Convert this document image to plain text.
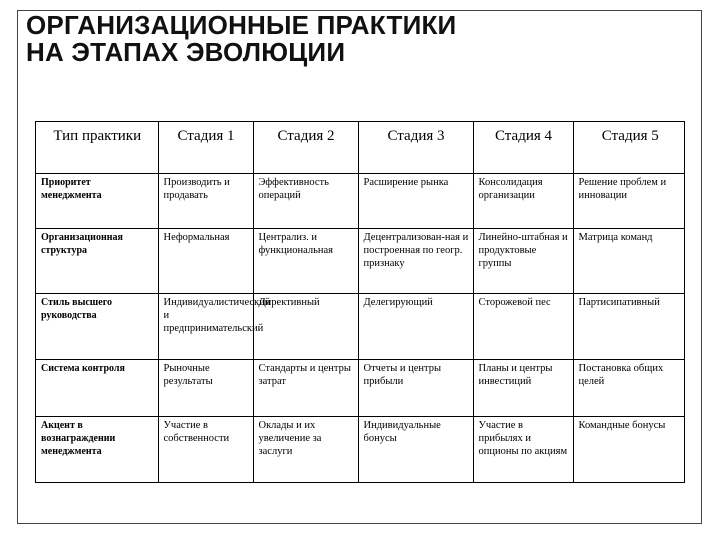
ОРГАНИЗАЦИОННЫЕ ПРАКТИКИ
НА ЭТАПАХ ЭВОЛЮЦИИ
Тип практики	Стадия 1	Стадия 2	Стадия 3	Стадия 4	Стадия 5
Приоритет менеджмента	Производить и продавать	Эффективность операций	Расширение рынка	Консолидация организации	Решение проблем и инновации
Организационная структура	Неформальная	Централиз. и функциональная	Децентрализован-ная и построенная по геогр. признаку	Линейно-штабная и продуктовые группы	Матрица команд
Стиль высшего руководства	Индивидуалистический и предпринимательский	Директивный	Делегирующий	Сторожевой пес	Партисипативный
Система контроля	Рыночные результаты	Стандарты и центры затрат	Отчеты и центры прибыли	Планы и центры инвестиций	Постановка общих целей
Акцент в вознаграждении менеджмента	Участие в собственности	Оклады и их увеличение за заслуги	Индивидуальные бонусы	Участие в прибылях и опционы по акциям	Командные бонусы
